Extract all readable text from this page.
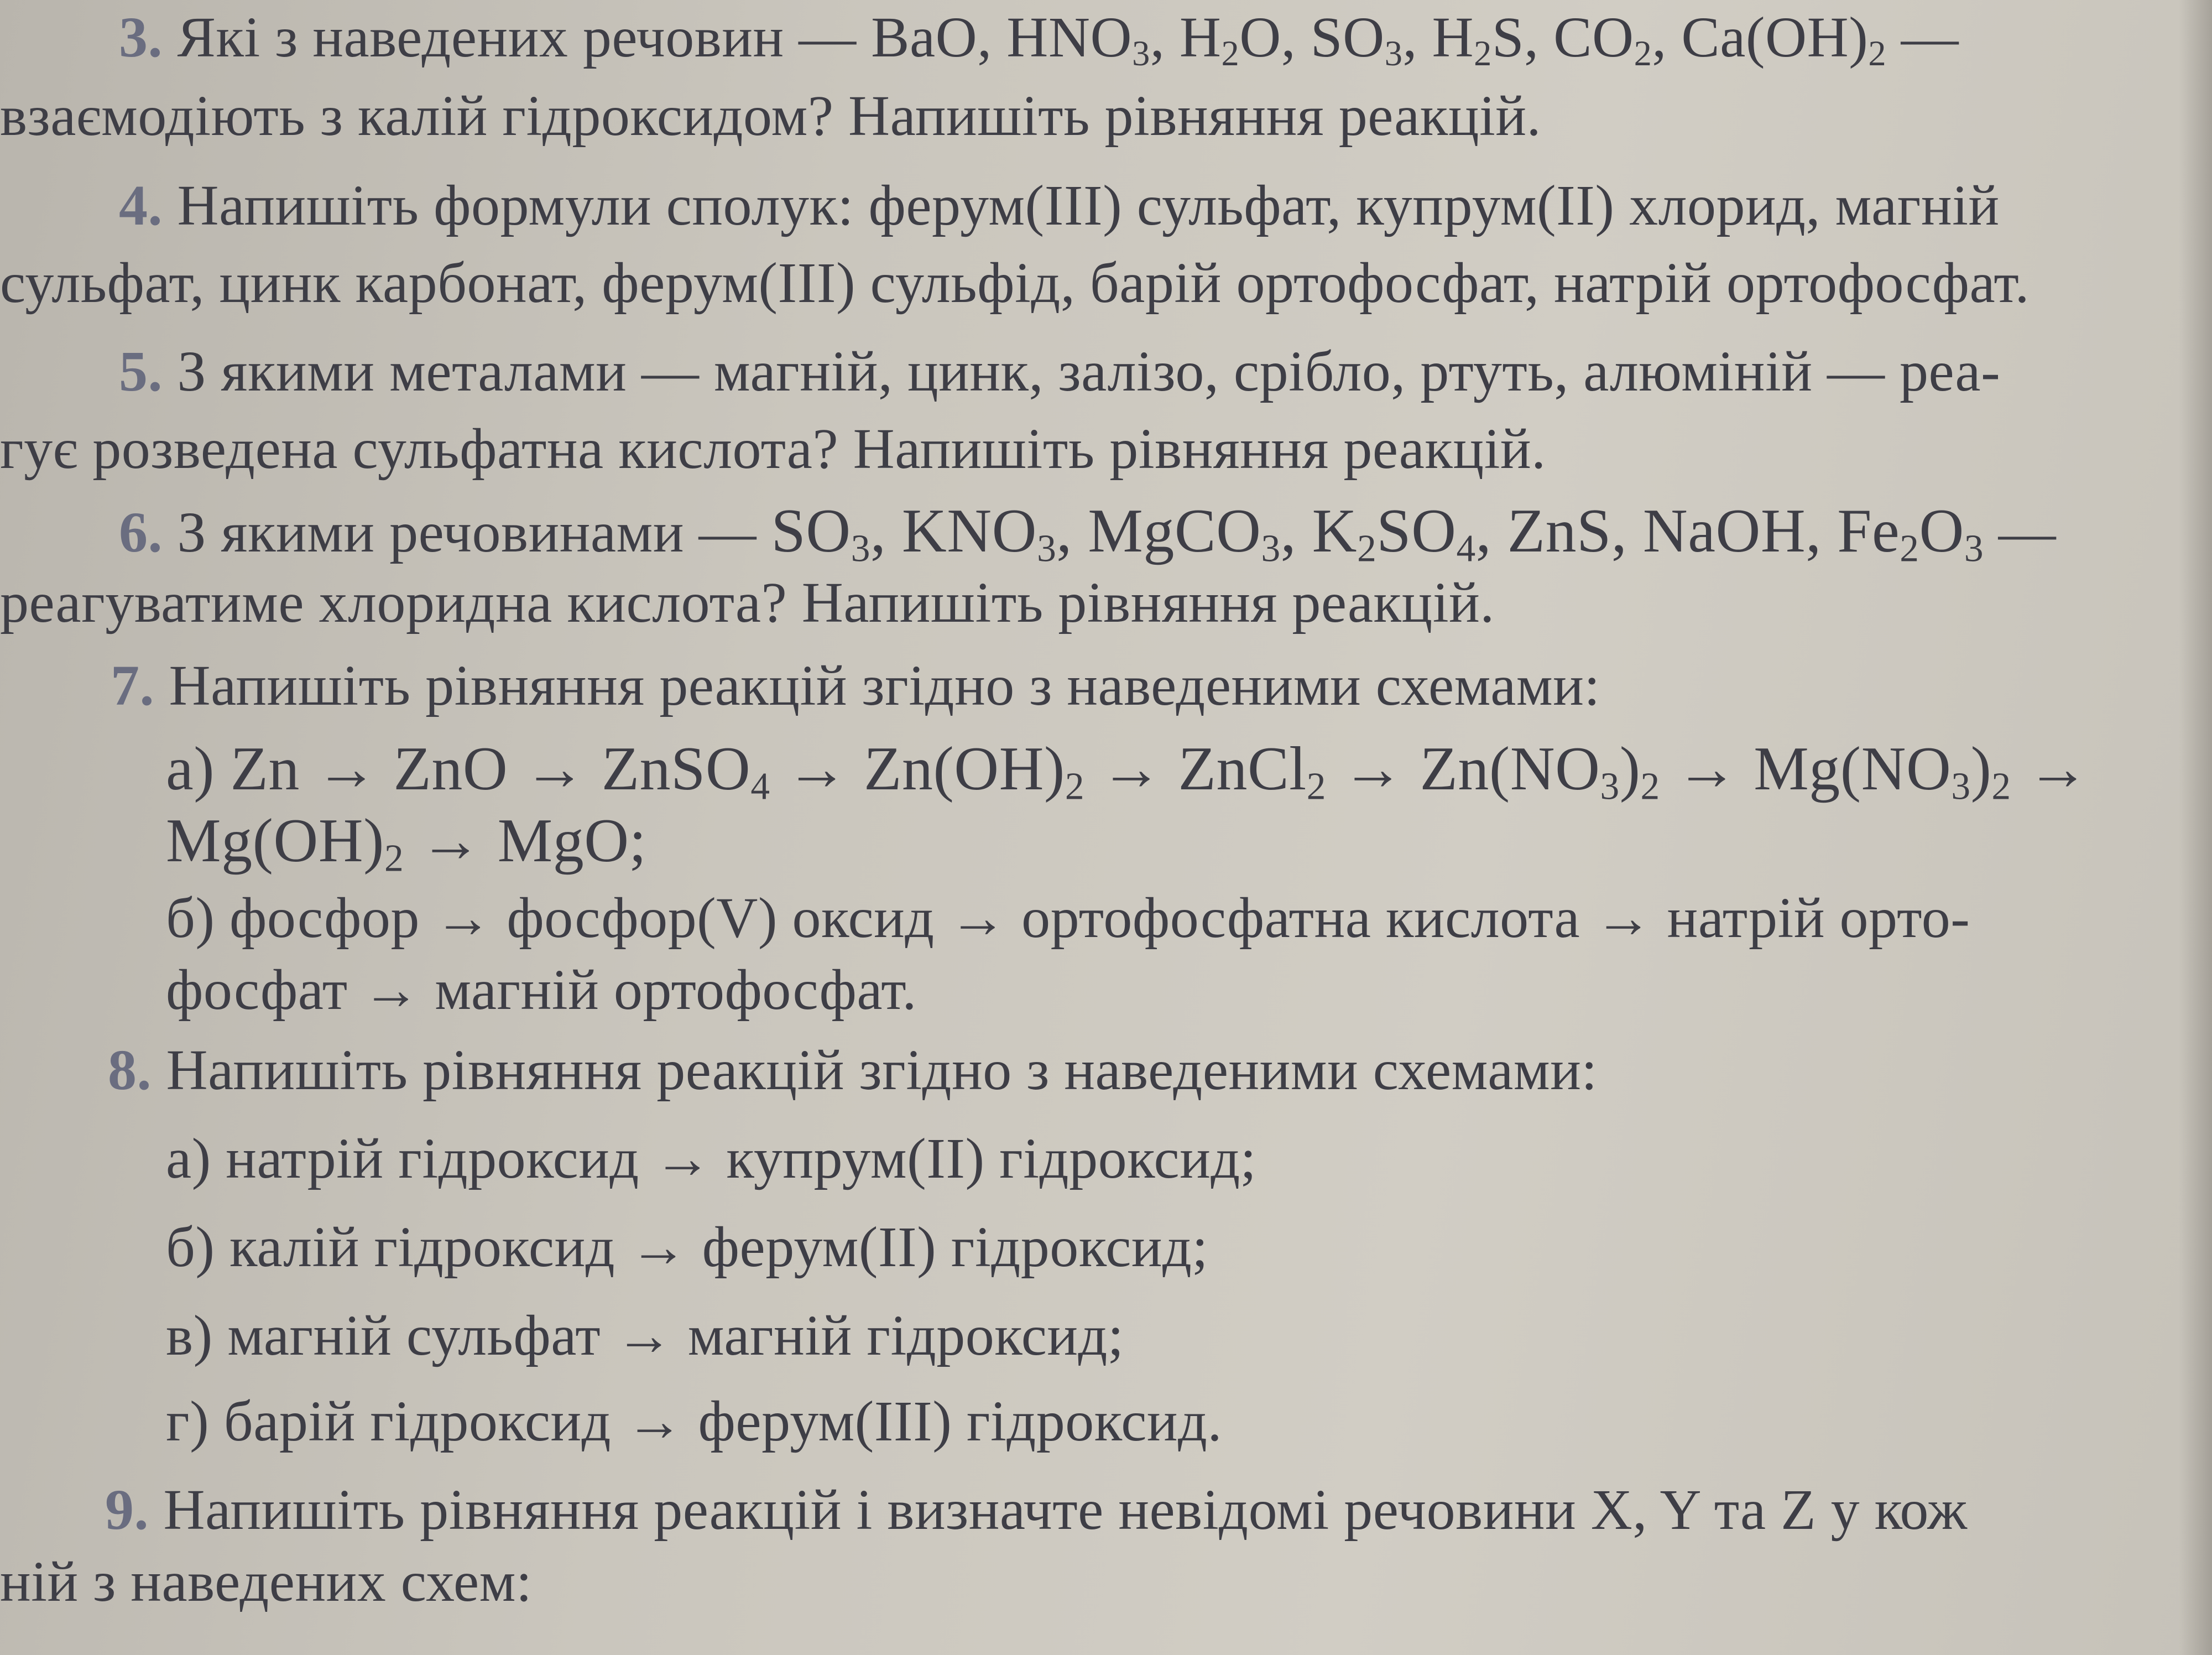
3. Які з наведених речовин — BaO, $HNO_3$, $H_2O$, $SO_3$, $H_2S$, $CO_2$, $Ca(OH)_2$ —
взаємодіють з калій гідроксидом? Напишіть рівняння реакцій.
4. Напишіть формули сполук: ферум(III) сульфат, купрум(II) хлорид, магній
сульфат, цинк карбонат, ферум(III) сульфід, барій ортофосфат, натрій ортофосфат.
5. З якими металами — магній, цинк, залізо, срібло, ртуть, алюміній — реа-
гує розведена сульфатна кислота? Напишіть рівняння реакцій.
6. З якими речовинами — $SO_3$, $KNO_3$, MgCO$_3$, $K_2SO_4$, ZnS, NaOH, $Fe_2O_3$ —
реагуватиме хлоридна кислота? Напишіть рівняння реакцій.
7. Напишіть рівняння реакцій згідно з наведеними схемами:
а) Zn → ZnO → ZnSO$_4$ → $Zn(OH)_2$ → ZnCl$_2$ → $Zn(NO_3)_2 \to Mg(NO_3)_2$ →
$Mg(OH)_2$ → MgO;
б) фосфор → фосфор(V) оксид → ортофосфатна кислота → натрій орто-
фосфат → магній ортофосфат.
8. Напишіть рівняння реакцій згідно з наведеними схемами:
а) натрій гідроксид → купрум(II) гідроксид;
б) калій гідроксид → ферум(II) гідроксид;
в) магній сульфат → магній гідроксид;
г) барій гідроксид → ферум(III) гідроксид.
9. Напишіть рівняння реакцій і визначте невідомі речовини X, Y та Z у кож
ній з наведених схем:
